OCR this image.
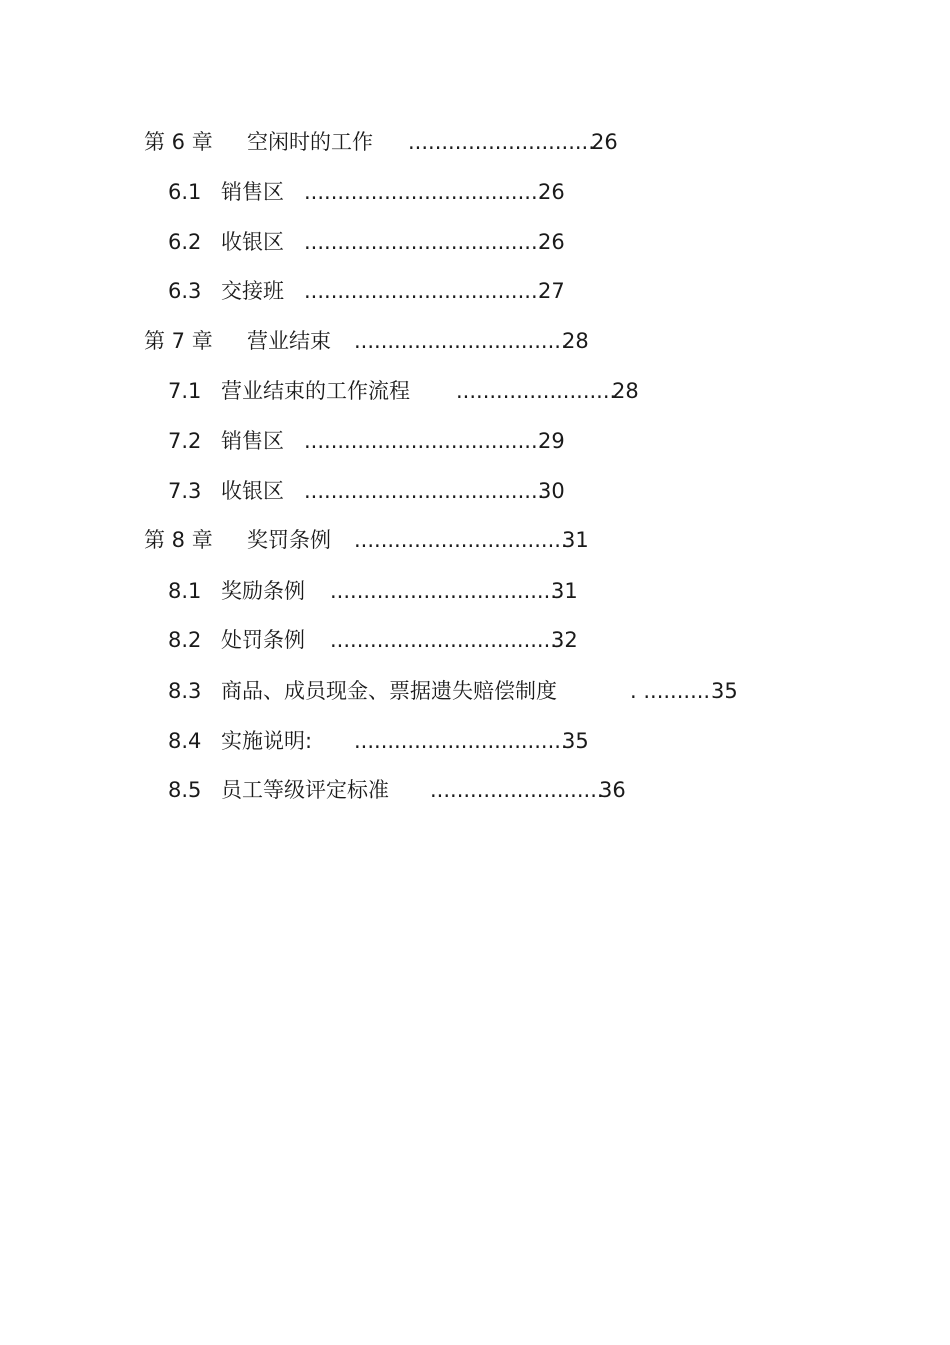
第 6 章 空闲时的工作 ............................26
6.1 销售区 ....................................26
6.2 收银区 ....................................26
6.3 交接班 ....................................27
第 7 章 营业结束 ................................28
7.1 营业结束的工作流程 ........................28
7.2 销售区 ....................................29
7.3 收银区 ....................................30
第 8 章 奖罚条例 ................................31
8.1 奖励条例 ..................................31
8.2 处罚条例 ..................................32
8.3 商品、成员现金、票据遗失赔偿制度	. ..........35
8.4 实施说明: ................................35
8.5 员工等级评定标准 ..........................36
